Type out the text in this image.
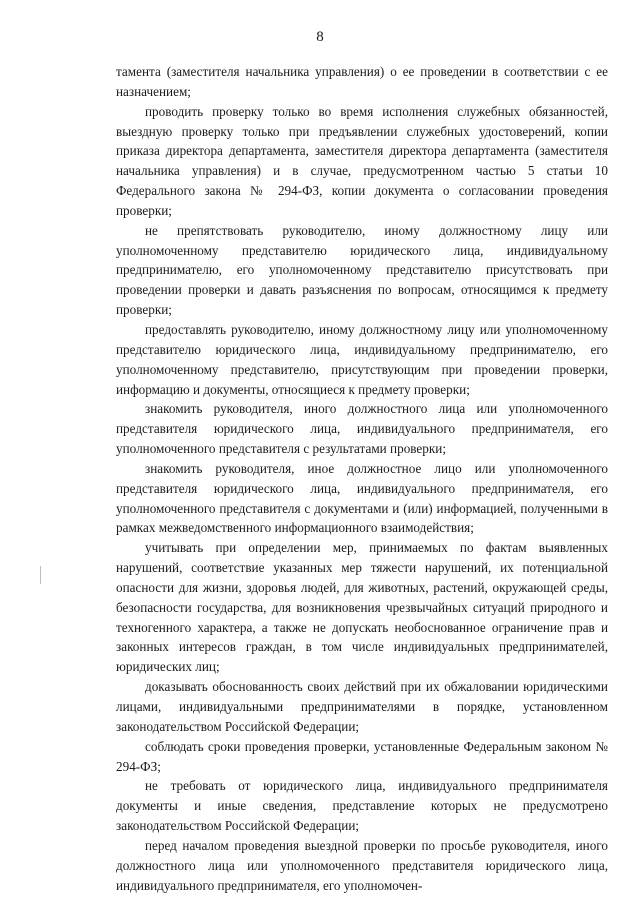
8

тамента (заместителя начальника управления) о ее проведении в соответствии с ее назначением;

проводить проверку только во время исполнения служебных обязанностей, выездную проверку только при предъявлении служебных удостоверений, копии приказа директора департамента, заместителя директора департамента (заместителя начальника управления) и в случае, предусмотренном частью 5 статьи 10 Федерального закона № 294-ФЗ, копии документа о согласовании проведения проверки;

не препятствовать руководителю, иному должностному лицу или уполномоченному представителю юридического лица, индивидуальному предпринимателю, его уполномоченному представителю присутствовать при проведении проверки и давать разъяснения по вопросам, относящимся к предмету проверки;

предоставлять руководителю, иному должностному лицу или уполномоченному представителю юридического лица, индивидуальному предпринимателю, его уполномоченному представителю, присутствующим при проведении проверки, информацию и документы, относящиеся к предмету проверки;

знакомить руководителя, иного должностного лица или уполномоченного представителя юридического лица, индивидуального предпринимателя, его уполномоченного представителя с результатами проверки;

знакомить руководителя, иное должностное лицо или уполномоченного представителя юридического лица, индивидуального предпринимателя, его уполномоченного представителя с документами и (или) информацией, полученными в рамках межведомственного информационного взаимодействия;

учитывать при определении мер, принимаемых по фактам выявленных нарушений, соответствие указанных мер тяжести нарушений, их потенциальной опасности для жизни, здоровья людей, для животных, растений, окружающей среды, безопасности государства, для возникновения чрезвычайных ситуаций природного и техногенного характера, а также не допускать необоснованное ограничение прав и законных интересов граждан, в том числе индивидуальных предпринимателей, юридических лиц;

доказывать обоснованность своих действий при их обжаловании юридическими лицами, индивидуальными предпринимателями в порядке, установленном законодательством Российской Федерации;

соблюдать сроки проведения проверки, установленные Федеральным законом № 294-ФЗ;

не требовать от юридического лица, индивидуального предпринимателя документы и иные сведения, представление которых не предусмотрено законодательством Российской Федерации;

перед началом проведения выездной проверки по просьбе руководителя, иного должностного лица или уполномоченного представителя юридического лица, индивидуального предпринимателя, его уполномочен-
